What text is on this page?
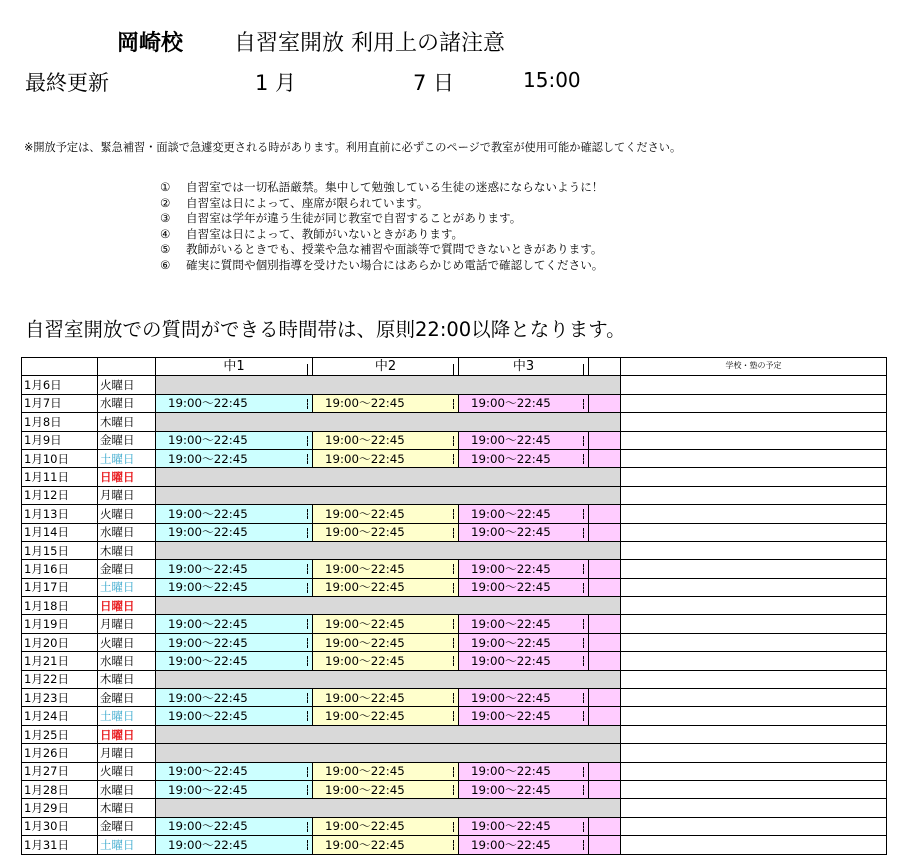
岡崎校 自習室開放 利用上の諸注意
最終更新	1 月	7 日	15:00
※開放予定は、緊急補習・面談で急遽変更される時があります。利用直前に必ずこのページで教室が使用可能か確認してください。
① 自習室では一切私語厳禁。集中して勉強している生徒の迷惑にならないように！
② 自習室は日によって、座席が限られています。
③ 自習室は学年が違う生徒が同じ教室で自習することがあります。
④ 自習室は日によって、教師がいないときがあります。
⑤ 教師がいるときでも、授業や急な補習や面談等で質問できないときがあります。
⑥ 確実に質問や個別指導を受けたい場合にはあらかじめ電話で確認してください。
自習室開放での質問ができる時間帯は、原則22:00以降となります。
		中1	中2	中3		学校・塾の予定
1月6日	火曜日					
1月7日	水曜日	19:00～22:45	19:00～22:45	19:00～22:45		
1月8日	木曜日					
1月9日	金曜日	19:00～22:45	19:00～22:45	19:00～22:45		
1月10日	土曜日	19:00～22:45	19:00～22:45	19:00～22:45		
1月11日	日曜日					
1月12日	月曜日					
1月13日	火曜日	19:00～22:45	19:00～22:45	19:00～22:45		
1月14日	水曜日	19:00～22:45	19:00～22:45	19:00～22:45		
1月15日	木曜日					
1月16日	金曜日	19:00～22:45	19:00～22:45	19:00～22:45		
1月17日	土曜日	19:00～22:45	19:00～22:45	19:00～22:45		
1月18日	日曜日					
1月19日	月曜日	19:00～22:45	19:00～22:45	19:00～22:45		
1月20日	火曜日	19:00～22:45	19:00～22:45	19:00～22:45		
1月21日	水曜日	19:00～22:45	19:00～22:45	19:00～22:45		
1月22日	木曜日					
1月23日	金曜日	19:00～22:45	19:00～22:45	19:00～22:45		
1月24日	土曜日	19:00～22:45	19:00～22:45	19:00～22:45		
1月25日	日曜日					
1月26日	月曜日					
1月27日	火曜日	19:00～22:45	19:00～22:45	19:00～22:45		
1月28日	水曜日	19:00～22:45	19:00～22:45	19:00～22:45		
1月29日	木曜日					
1月30日	金曜日	19:00～22:45	19:00～22:45	19:00～22:45		
1月31日	土曜日	19:00～22:45	19:00～22:45	19:00～22:45		
